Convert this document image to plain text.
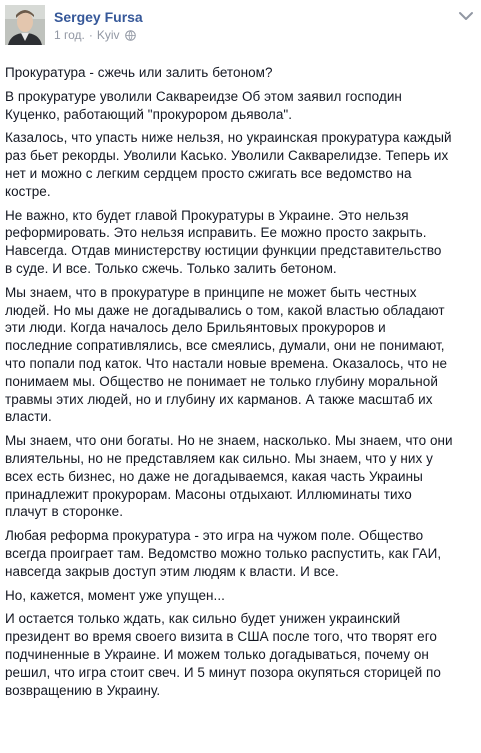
Sergey Fursa
1 год. · Kyiv

Прокуратура - сжечь или залить бетоном?

В прокуратуре уволили Саквареидзе Об этом заявил господин
Куценко, работающий "прокурором дьявола".

Казалось, что упасть ниже нельзя, но украинская прокуратура каждый
раз бьет рекорды. Уволили Касько. Уволили Сакварелидзе. Теперь их
нет и можно с легким сердцем просто сжигать все ведомство на
костре.

Не важно, кто будет главой Прокуратуры в Украине. Это нельзя
реформировать. Это нельзя исправить. Ее можно просто закрыть.
Навсегда. Отдав министерству юстиции функции представительство
в суде. И все. Только сжечь. Только залить бетоном.

Мы знаем, что в прокуратуре в принципе не может быть честных
людей. Но мы даже не догадывались о том, какой властью обладают
эти люди. Когда началось дело Брильянтовых прокуроров и
последние сопративлялись, все смеялись, думали, они не понимают,
что попали под каток. Что настали новые времена. Оказалось, что не
понимаем мы. Общество не понимает не только глубину моральной
травмы этих людей, но и глубину их карманов. А также масштаб их
власти.

Мы знаем, что они богаты. Но не знаем, насколько. Мы знаем, что они
влиятельны, но не представляем как сильно. Мы знаем, что у них у
всех есть бизнес, но даже не догадываемся, какая часть Украины
принадлежит прокурорам. Масоны отдыхают. Иллюминаты тихо
плачут в сторонке.

Любая реформа прокуратура - это игра на чужом поле. Общество
всегда проиграет там. Ведомство можно только распустить, как ГАИ,
навсегда закрыв доступ этим людям к власти. И все.

Но, кажется, момент уже упущен...

И остается только ждать, как сильно будет унижен украинский
президент во время своего визита в США после того, что творят его
подчиненные в Украине. И можем только догадываться, почему он
решил, что игра стоит свеч. И 5 минут позора окупяться сторицей по
возвращению в Украину.
